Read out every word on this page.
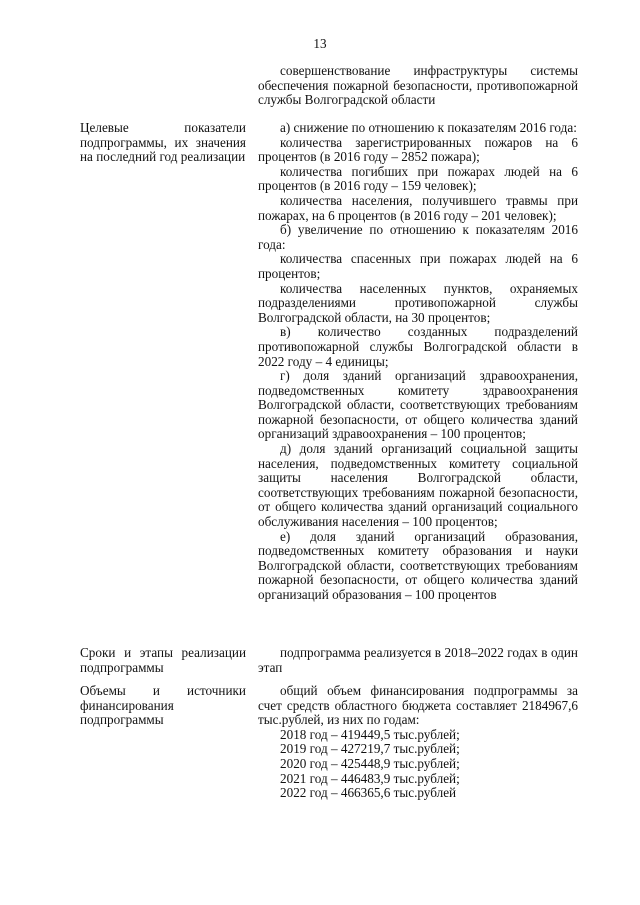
13

совершенствование инфраструктуры системы обеспечения пожарной безопасности, противопожарной службы Волгоградской области

Целевые показатели подпрограммы, их значения на последний год реализации

а) снижение по отношению к показателям 2016 года:

количества зарегистрированных пожаров на 6 процентов (в 2016 году – 2852 пожара);

количества погибших при пожарах людей на 6 процентов (в 2016 году – 159 человек);

количества населения, получившего травмы при пожарах, на 6 процентов (в 2016 году – 201 человек);

б) увеличение по отношению к показателям 2016 года:

количества спасенных при пожарах людей на 6 процентов;

количества населенных пунктов, охраняемых подразделениями противопожарной службы Волгоградской области, на 30 процентов;

в) количество созданных подразделений противопожарной службы Волгоградской области в 2022 году – 4 единицы;

г) доля зданий организаций здравоохранения, подведомственных комитету здравоохранения Волгоградской области, соответствующих требованиям пожарной безопасности, от общего количества зданий организаций здравоохранения – 100 процентов;

д) доля зданий организаций социальной защиты населения, подведомственных комитету социальной защиты населения Волгоградской области, соответствующих требованиям пожарной безопасности, от общего количества зданий организаций социального обслуживания населения – 100 процентов;

е) доля зданий организаций образования, подведомственных комитету образования и науки Волгоградской области, соответствующих требованиям пожарной безопасности, от общего количества зданий организаций образования – 100 процентов

Сроки и этапы реализации подпрограммы

подпрограмма реализуется в 2018–2022 годах в один этап

Объемы и источники финансирования подпрограммы

общий объем финансирования подпрограммы за счет средств областного бюджета составляет 2184967,6 тыс.рублей, из них по годам:

2018 год – 419449,5 тыс.рублей;

2019 год – 427219,7 тыс.рублей;

2020 год – 425448,9 тыс.рублей;

2021 год – 446483,9 тыс.рублей;

2022 год – 466365,6 тыс.рублей
